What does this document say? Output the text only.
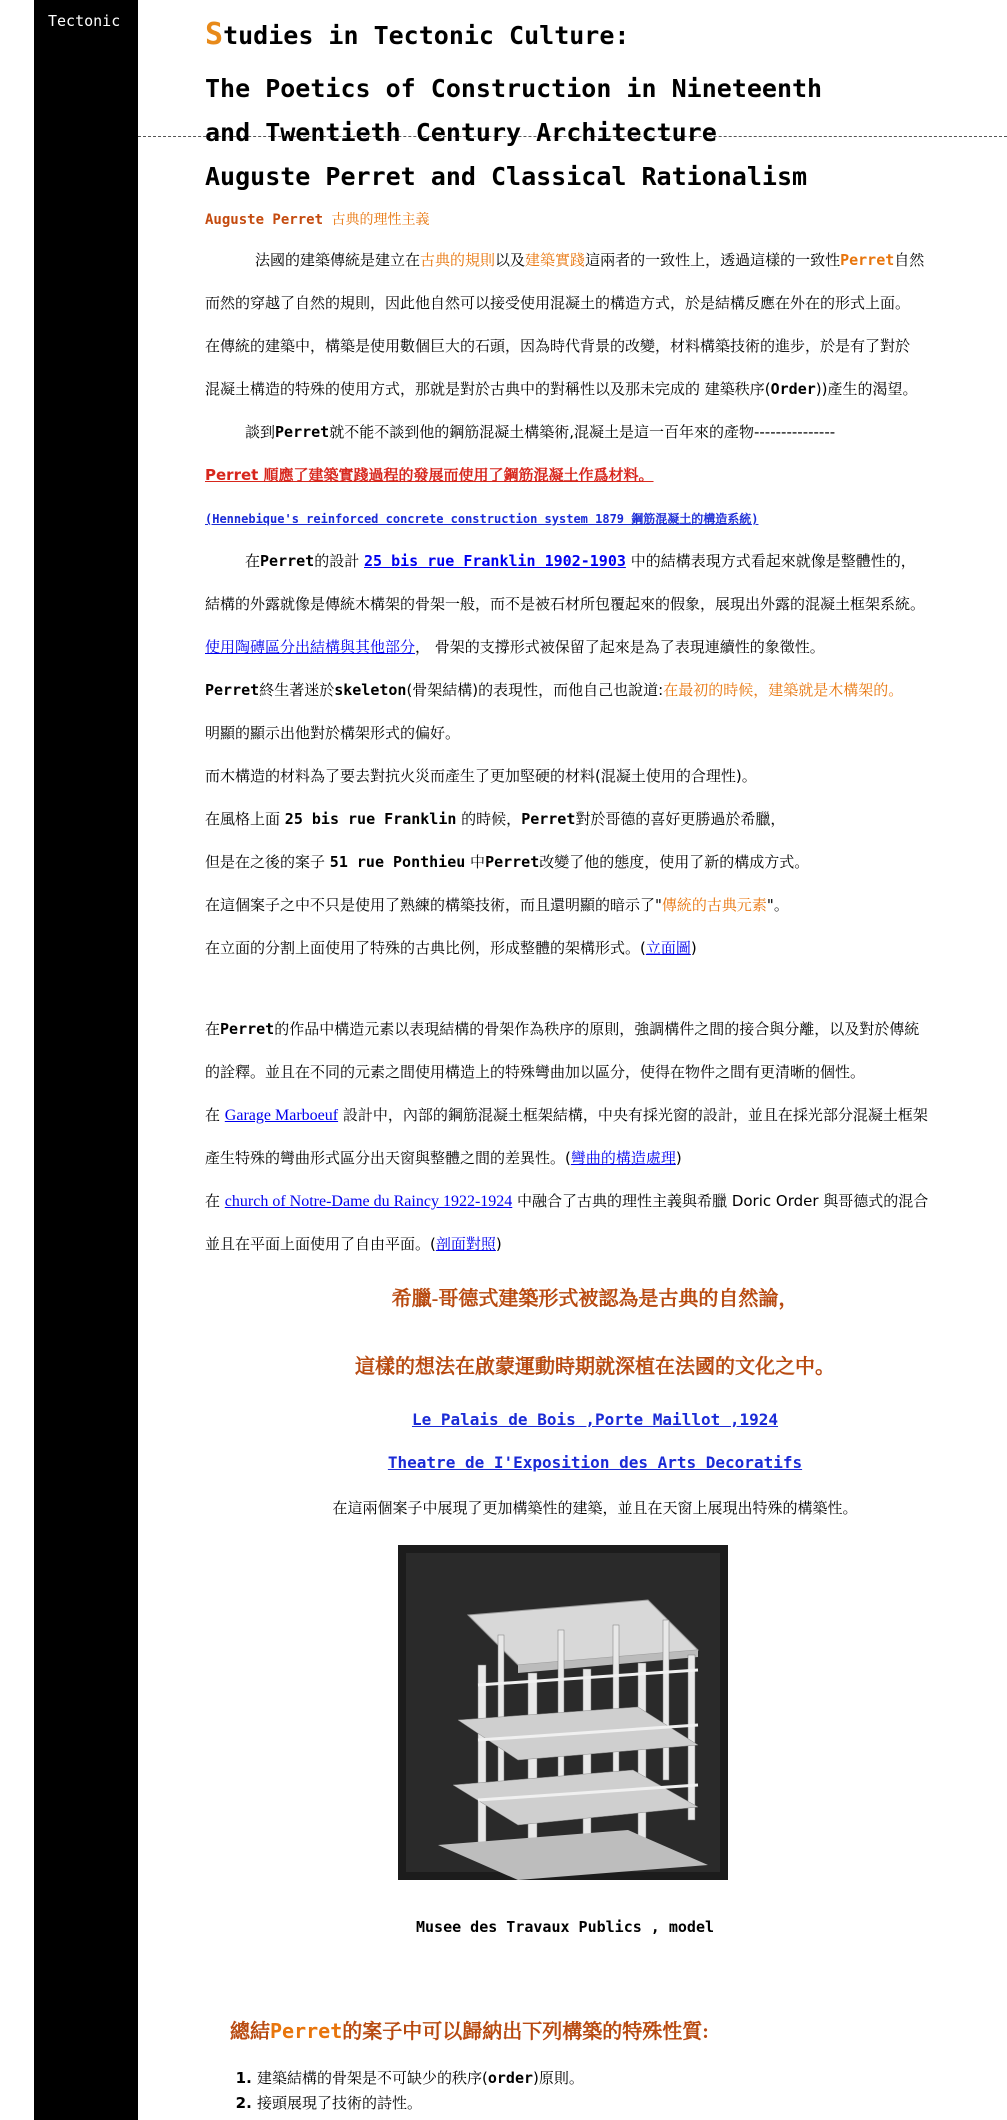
Tectonic	Studies in Tectonic Culture:
The Poetics of Construction in Nineteenth
and Twentieth Century Architecture
Auguste Perret and Classical Rationalism
Auguste Perret 古典的理性主義
法國的建築傳統是建立在古典的規則以及建築實踐這兩者的一致性上，透過這樣的一致性Perret自然
而然的穿越了自然的規則，因此他自然可以接受使用混凝土的構造方式，於是結構反應在外在的形式上面。
在傳統的建築中，構築是使用數個巨大的石頭，因為時代背景的改變，材料構築技術的進步，於是有了對於
混凝土構造的特殊的使用方式，那就是對於古典中的對稱性以及那未完成的 建築秩序(Order))產生的渴望。
談到Perret就不能不談到他的鋼筋混凝土構築術,混凝土是這一百年來的產物---------------
Perret 順應了建築實踐過程的發展而使用了鋼筋混凝土作爲材料。
(Hennebique's reinforced concrete construction system 1879 鋼筋混凝土的構造系統)
在Perret的設計 25 bis rue Franklin 1902-1903 中的結構表現方式看起來就像是整體性的，
結構的外露就像是傳統木構架的骨架一般，而不是被石材所包覆起來的假象，展現出外露的混凝土框架系統。
使用陶磚區分出結構與其他部分， 骨架的支撐形式被保留了起來是為了表現連續性的象徵性。
Perret終生著迷於skeleton(骨架結構)的表現性，而他自己也說道:在最初的時候，建築就是木構架的。
明顯的顯示出他對於構架形式的偏好。
而木構造的材料為了要去對抗火災而產生了更加堅硬的材料(混凝土使用的合理性)。
在風格上面 25 bis rue Franklin 的時候，Perret對於哥德的喜好更勝過於希臘，
但是在之後的案子 51 rue Ponthieu 中Perret改變了他的態度，使用了新的構成方式。
在這個案子之中不只是使用了熟練的構築技術，而且還明顯的暗示了"傳統的古典元素"。
在立面的分割上面使用了特殊的古典比例，形成整體的架構形式。(立面圖)
在Perret的作品中構造元素以表現結構的骨架作為秩序的原則，強調構件之間的接合與分離，以及對於傳統
的詮釋。並且在不同的元素之間使用構造上的特殊彎曲加以區分，使得在物件之間有更清晰的個性。
在 Garage Marboeuf 設計中，內部的鋼筋混凝土框架結構，中央有採光窗的設計，並且在採光部分混凝土框架
產生特殊的彎曲形式區分出天窗與整體之間的差異性。(彎曲的構造處理)
在 church of Notre-Dame du Raincy 1922-1924 中融合了古典的理性主義與希臘 Doric Order 與哥德式的混合
並且在平面上面使用了自由平面。(剖面對照)
希臘-哥德式建築形式被認為是古典的自然論，
這樣的想法在啟蒙運動時期就深植在法國的文化之中。
Le Palais de Bois ,Porte Maillot ,1924
Theatre de I'Exposition des Arts Decoratifs
在這兩個案子中展現了更加構築性的建築，並且在天窗上展現出特殊的構築性。
Musee des Travaux Publics , model
總結Perret的案子中可以歸納出下列構築的特殊性質:
1. 建築結構的骨架是不可缺少的秩序(order)原則。
2. 接頭展現了技術的詩性。
